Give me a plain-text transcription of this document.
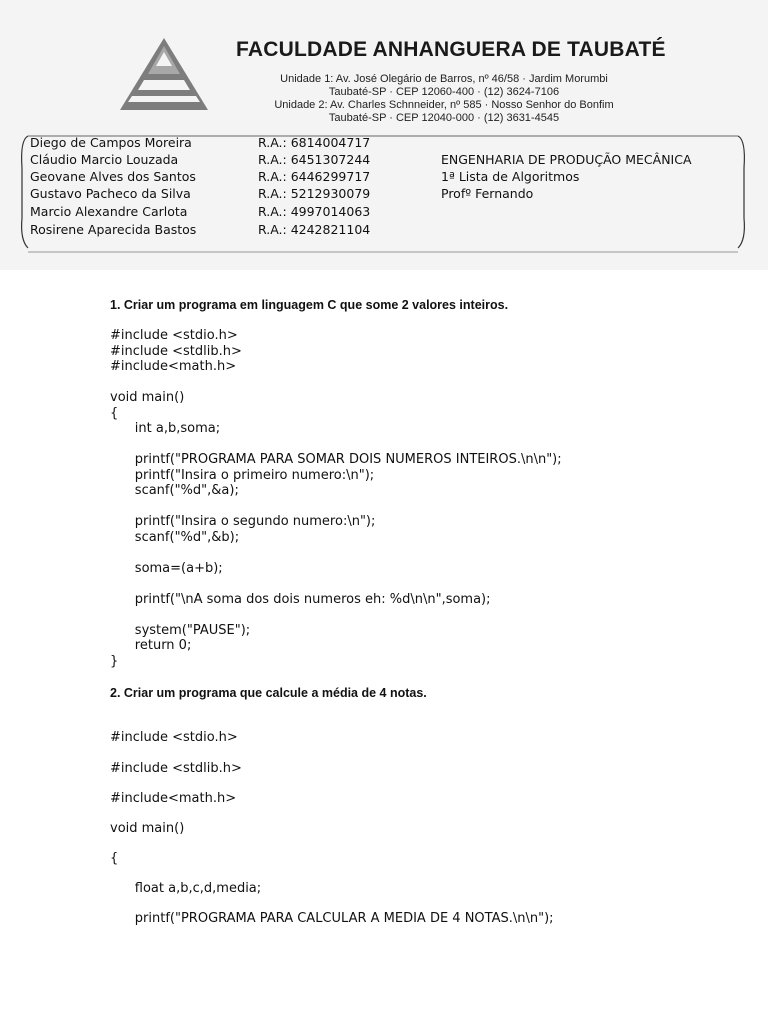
FACULDADE ANHANGUERA DE TAUBATÉ
Unidade 1: Av. José Olegário de Barros, nº 46/58 · Jardim Morumbi
Taubaté-SP · CEP 12060-400 · (12) 3624-7106
Unidade 2: Av. Charles Schnneider, nº 585 · Nosso Senhor do Bonfim
Taubaté-SP · CEP 12040-000 · (12) 3631-4545
Diego de Campos Moreira	R.A.: 6814004717
Cláudio Marcio Louzada	R.A.: 6451307244
Geovane Alves dos Santos	R.A.: 6446299717
Gustavo Pacheco da Silva	R.A.: 5212930079
Marcio Alexandre Carlota	R.A.: 4997014063
Rosirene Aparecida Bastos	R.A.: 4242821104
ENGENHARIA DE PRODUÇÃO MECÂNICA
1ª Lista de Algoritmos
Profº Fernando
1. Criar um programa em linguagem C que some 2 valores inteiros.
#include <stdio.h>
#include <stdlib.h>
#include<math.h>

void main()
{
int a,b,soma;

printf("PROGRAMA PARA SOMAR DOIS NUMEROS INTEIROS.\n\n");
printf("Insira o primeiro numero:\n");
scanf("%d",&a);

printf("Insira o segundo numero:\n");
scanf("%d",&b);

soma=(a+b);

printf("\nA soma dos dois numeros eh: %d\n\n",soma);

system("PAUSE");
return 0;
}
2. Criar um programa que calcule a média de 4 notas.
#include <stdio.h>
#include <stdlib.h>
#include<math.h>
void main()
{
float a,b,c,d,media;
printf("PROGRAMA PARA CALCULAR A MEDIA DE 4 NOTAS.\n\n");
